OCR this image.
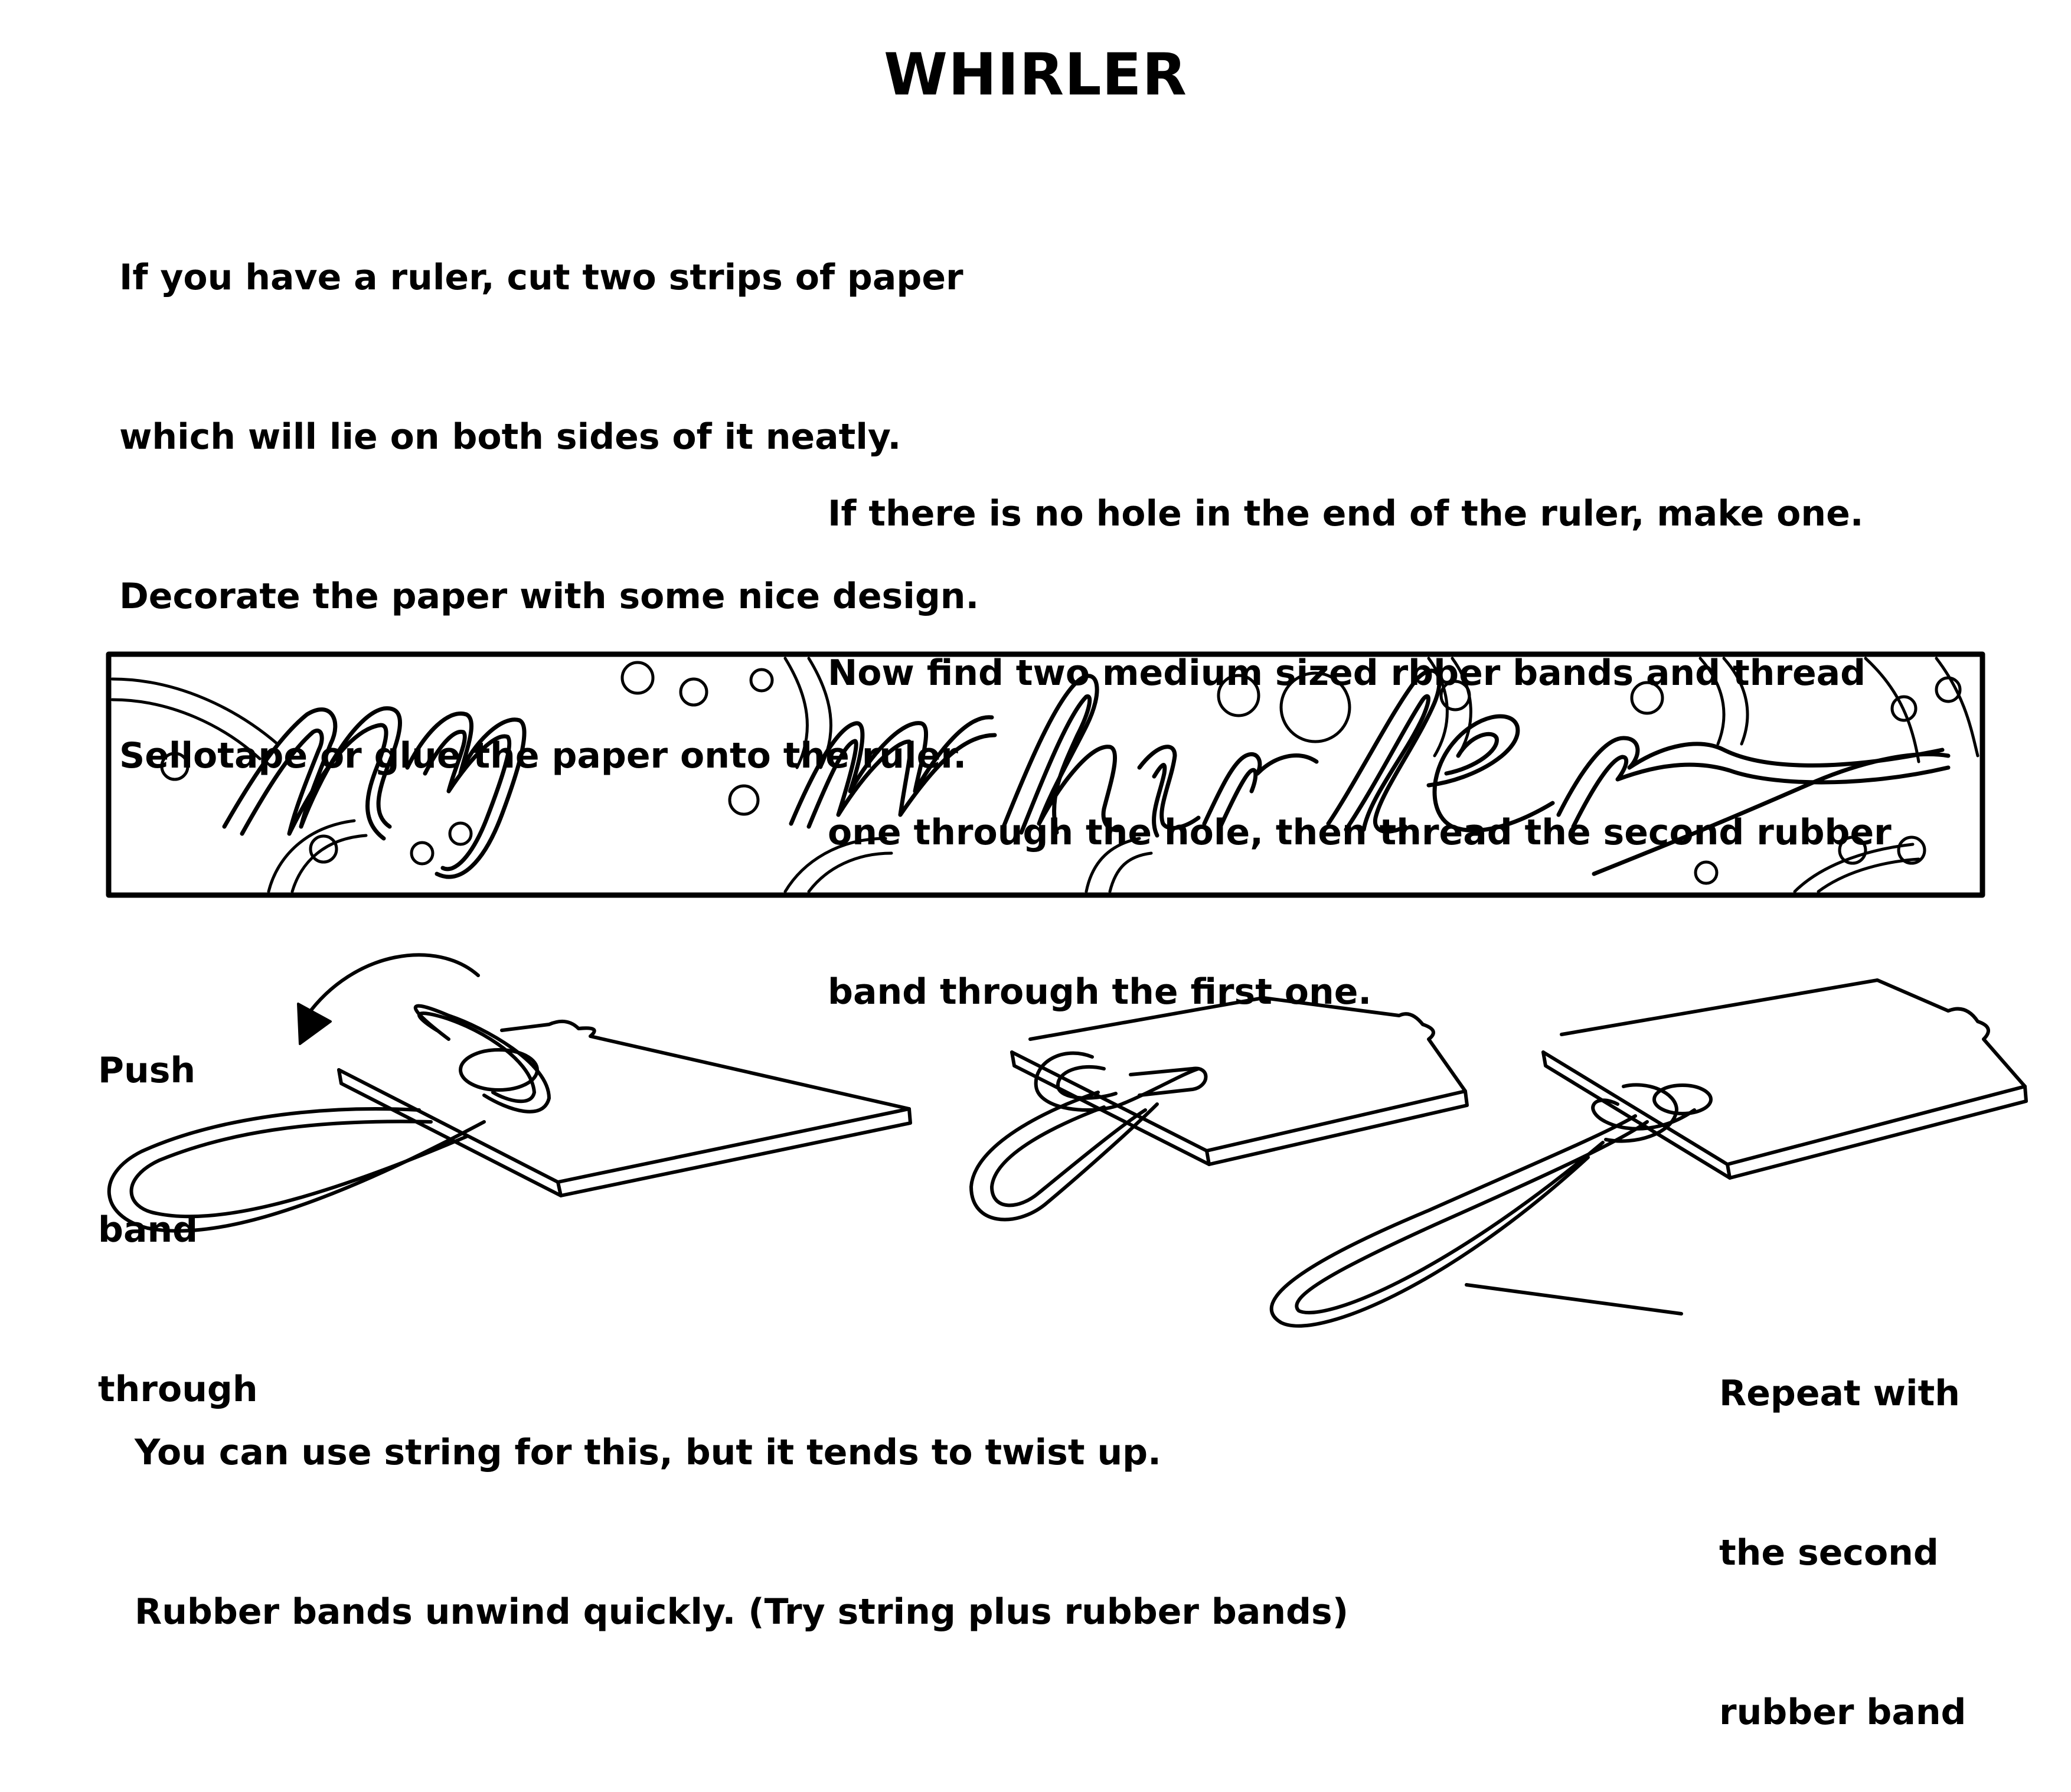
WHIRLER

If you have a ruler, cut two strips of paper

which will lie on both sides of it neatly.

Decorate the paper with some nice design.

Sellotape or glue the paper onto the ruler.

If there is no hole in the end of the ruler, make one.

Now find two medium sized rbber bands and thread

one through the hole, then thread the second rubber

band through the first one.

Push

band

through

	Repeat with

the second

rubber band

You can use string for this, but it tends to twist up.

Rubber bands unwind quickly. (Try string plus rubber bands)
